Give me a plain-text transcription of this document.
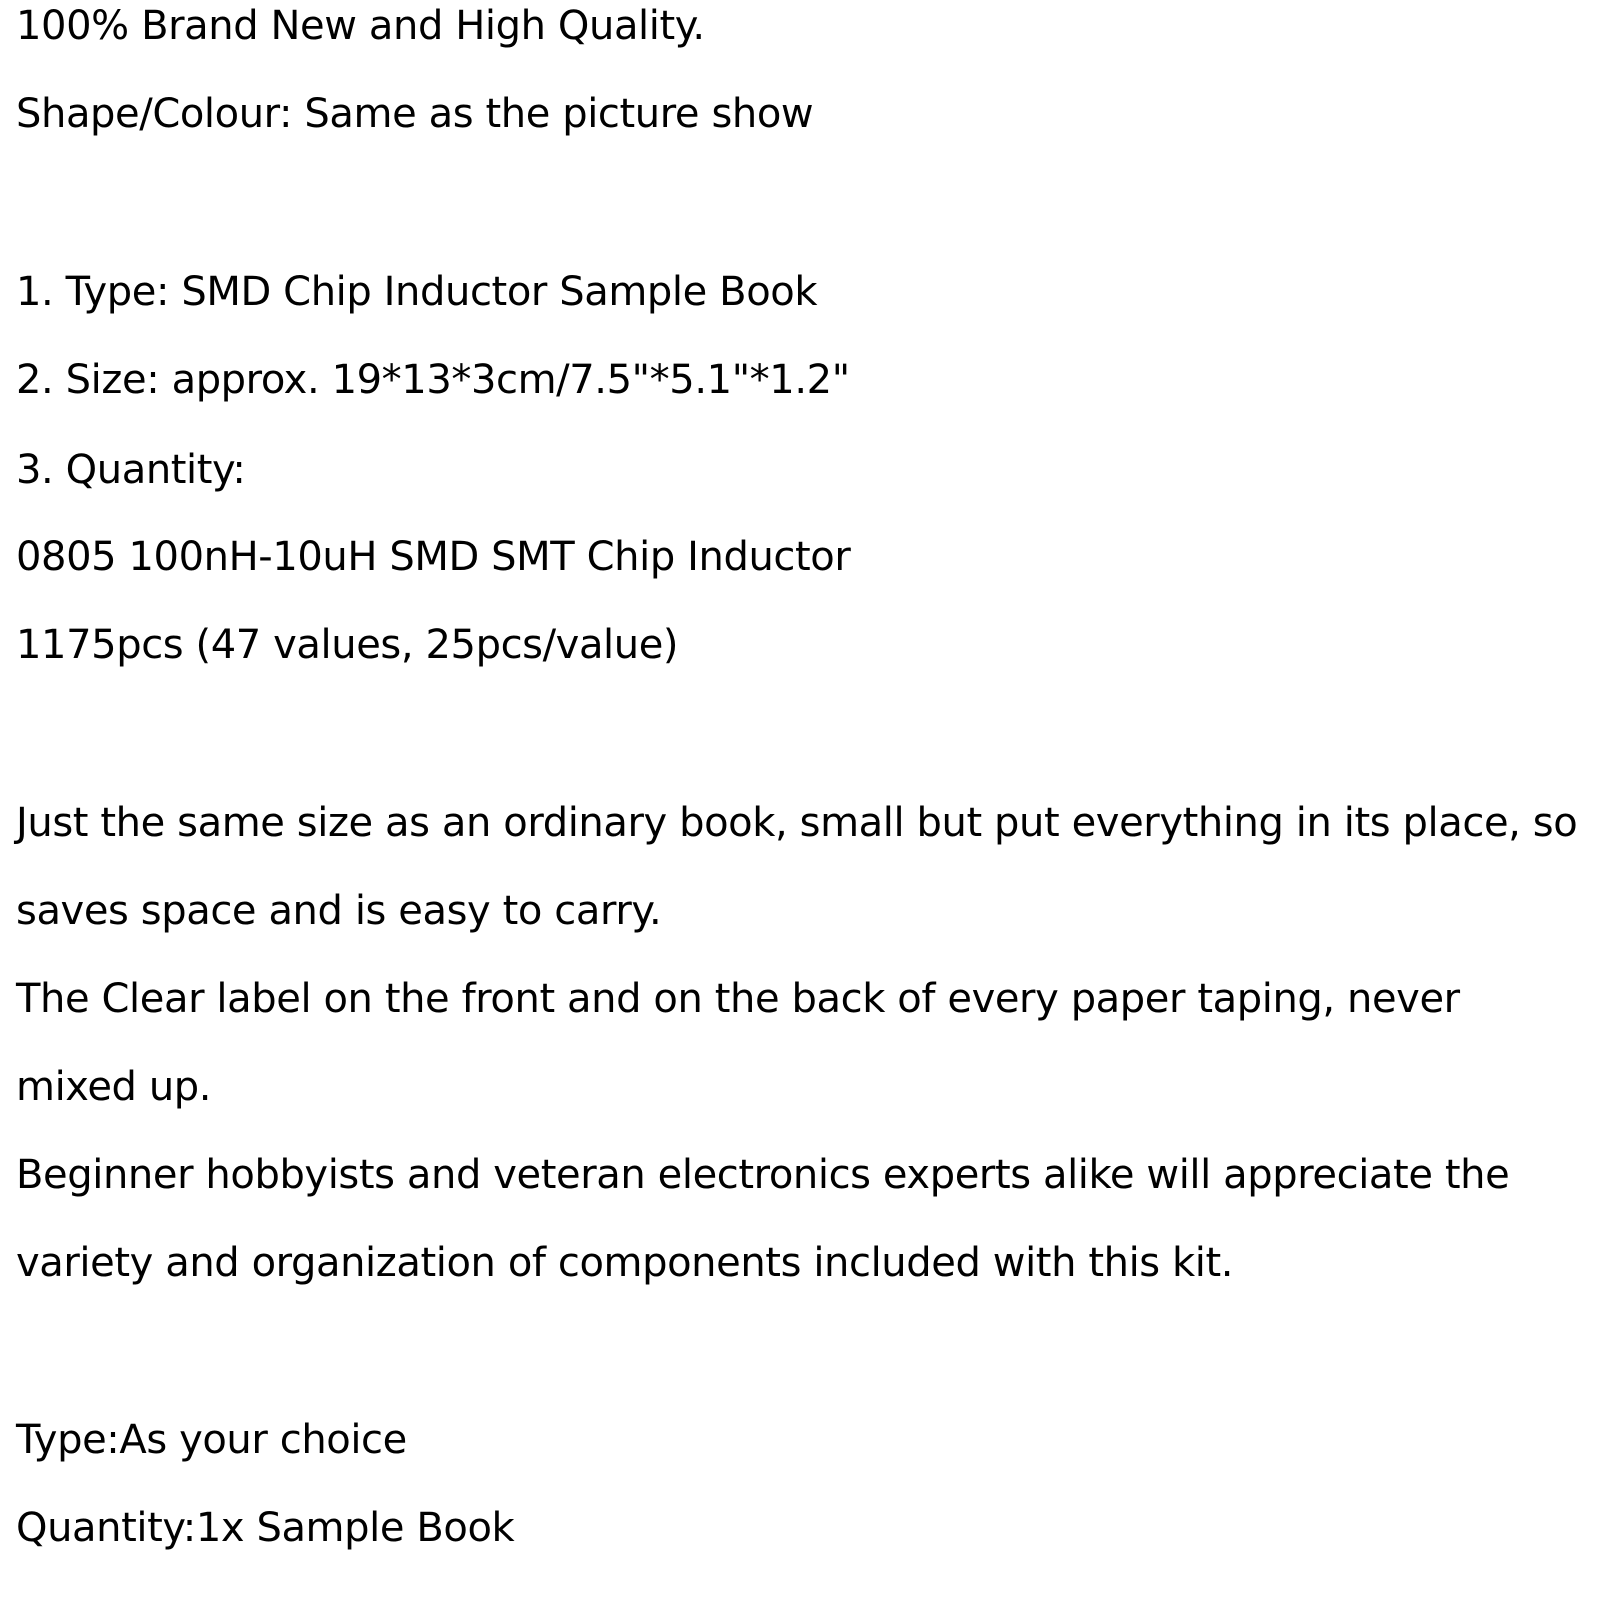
100% Brand New and High Quality.
Shape/Colour: Same as the picture show
1. Type: SMD Chip Inductor Sample Book
2. Size: approx. 19*13*3cm/7.5"*5.1"*1.2"
3. Quantity:
0805 100nH-10uH SMD SMT Chip Inductor
1175pcs (47 values, 25pcs/value)
Just the same size as an ordinary book, small but put everything in its place, so
saves space and is easy to carry.
The Clear label on the front and on the back of every paper taping, never
mixed up.
Beginner hobbyists and veteran electronics experts alike will appreciate the
variety and organization of components included with this kit.
Type:As your choice
Quantity:1x Sample Book
